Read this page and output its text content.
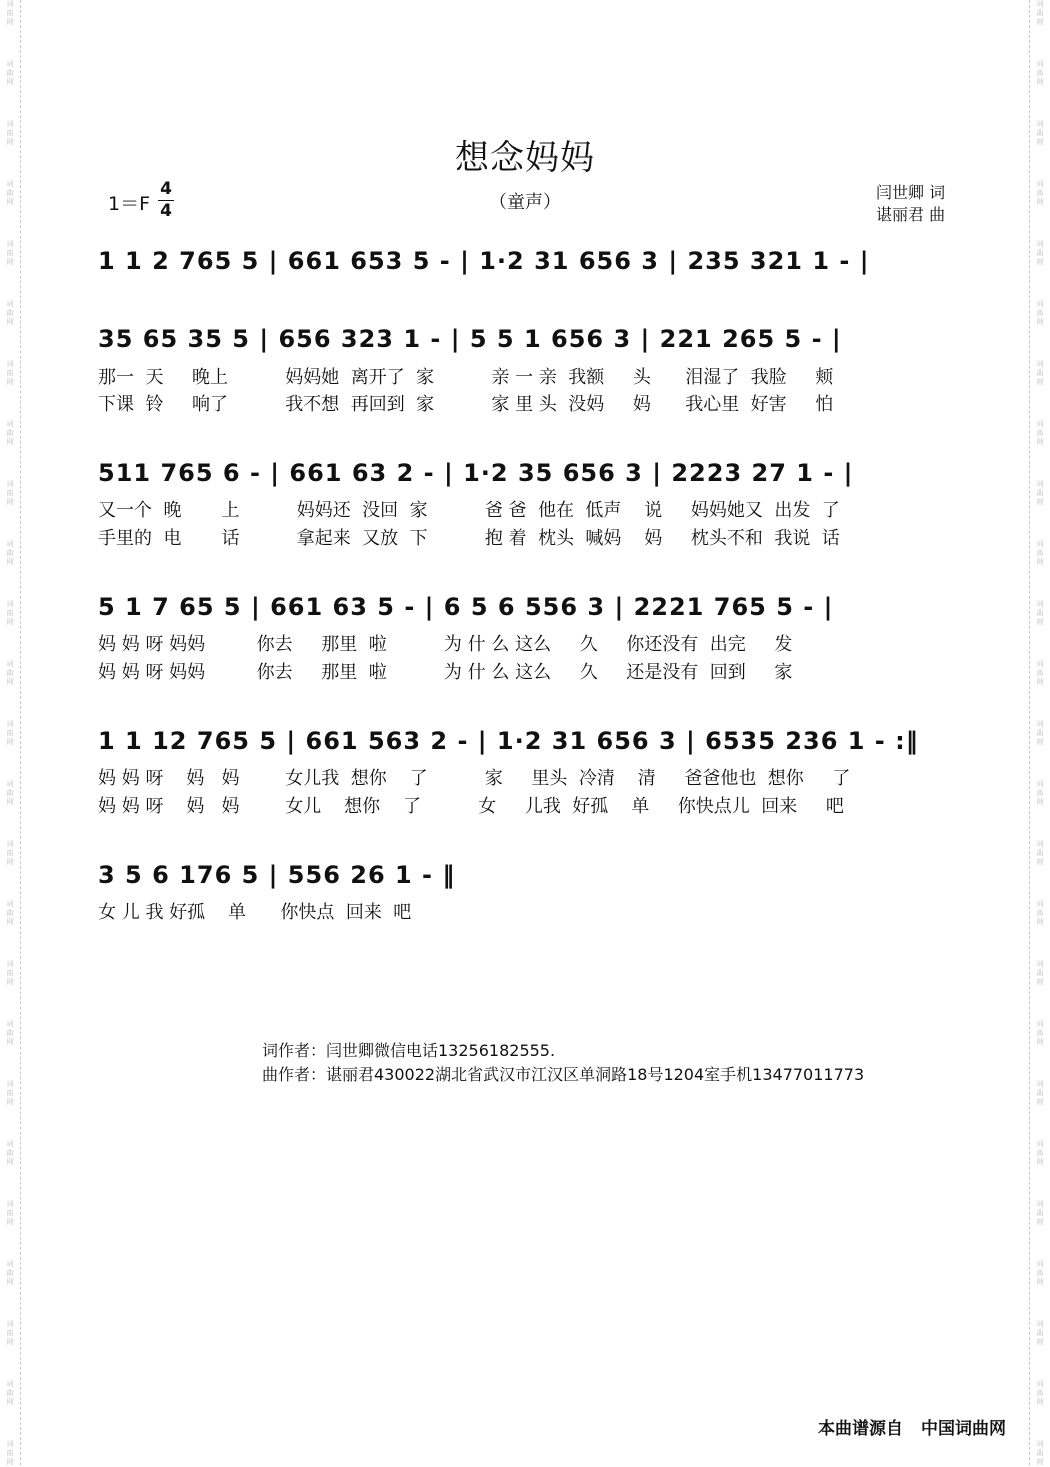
词
曲
网
词
曲
网
词
曲
网
词
曲
网
词
曲
网
词
曲
网
词
曲
网
词
曲
网
词
曲
网
词
曲
网
词
曲
网
词
曲
网
词
曲
网
词
曲
网
词
曲
网
词
曲
网
词
曲
网
词
曲
网
词
曲
网
词
曲
网
词
曲
网
词
曲
网
词
曲
网
词
曲
网
词
曲
网
词
曲
网
词
曲
网
词
曲
网
词
曲
网
词
曲
网
词
曲
网
词
曲
网
词
曲
网
词
曲
网
词
曲
网
词
曲
网
词
曲
网
词
曲
网
词
曲
网
词
曲
网
词
曲
网
词
曲
网
词
曲
网
词
曲
网
词
曲
网
词
曲
网
词
曲
网
词
曲
网
词
曲
网
词
曲
网
想念妈妈
（童声）
1＝F
4
4
闫世卿 词
谌丽君 曲
1 1 2 765 5 | 661 653 5 - | 1·2 31 656 3 | 235 321 1 - |
35 65 35 5 | 656 323 1 - | 5 5 1 656 3 | 221 265 5 - |
那一  天     晚上          妈妈她  离开了  家          亲 一 亲  我额     头      泪湿了  我脸     颊
下课  铃     响了          我不想  再回到  家          家 里 头  没妈     妈      我心里  好害     怕
511 765 6 - | 661 63 2 - | 1·2 35 656 3 | 2223 27 1 - |
又一个  晚       上          妈妈还  没回  家          爸 爸  他在  低声    说     妈妈她又  出发  了
手里的  电       话          拿起来  又放  下          抱 着  枕头  喊妈    妈     枕头不和  我说  话
5 1 7 65 5 | 661 63 5 - | 6 5 6 556 3 | 2221 765 5 - |
妈 妈 呀 妈妈         你去     那里  啦          为 什 么 这么     久     你还没有  出完     发
妈 妈 呀 妈妈         你去     那里  啦          为 什 么 这么     久     还是没有  回到     家
1 1 12 765 5 | 661 563 2 - | 1·2 31 656 3 | 6535 236 1 - :‖
妈 妈 呀    妈   妈        女儿我  想你    了          家     里头  冷清    清     爸爸他也  想你     了
妈 妈 呀    妈   妈        女儿    想你    了          女     儿我  好孤    单     你快点儿  回来     吧
3 5 6 176 5 | 556 26 1 - ‖
女 儿 我 好孤    单      你快点  回来  吧
词作者：闫世卿微信电话13256182555.
曲作者：谌丽君430022湖北省武汉市江汉区单洞路18号1204室手机13477011773
本曲谱源自 中国词曲网
